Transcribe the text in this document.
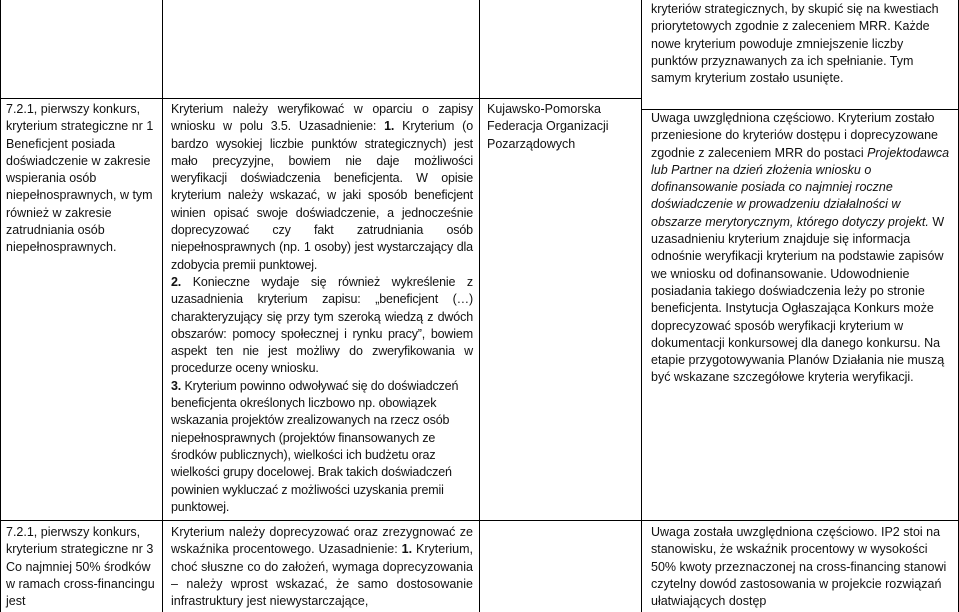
7.2.1, pierwszy konkurs, kryterium strategiczne nr 1 Beneficjent posiada doświadczenie w zakresie wspierania osób niepełnosprawnych, w tym również w zakresie zatrudniania osób niepełnosprawnych.

Kryterium należy weryfikować w oparciu o zapisy wniosku w polu 3.5. Uzasadnienie: 1. Kryterium (o bardzo wysokiej liczbie punktów strategicznych) jest mało precyzyjne, bowiem nie daje możliwości weryfikacji doświadczenia beneficjenta. W opisie kryterium należy wskazać, w jaki sposób beneficjent winien opisać swoje doświadczenie, a jednocześnie doprecyzować czy fakt zatrudniania osób niepełnosprawnych (np. 1 osoby) jest wystarczający dla zdobycia premii punktowej.

2. Konieczne wydaje się również wykreślenie z uzasadnienia kryterium zapisu: „beneficjent (…) charakteryzujący się przy tym szeroką wiedzą z dwóch obszarów: pomocy społecznej i rynku pracy”, bowiem aspekt ten nie jest możliwy do zweryfikowania w procedurze oceny wniosku.

3. Kryterium powinno odwoływać się do doświadczeń beneficjenta określonych liczbowo np. obowiązek wskazania projektów zrealizowanych na rzecz osób niepełnosprawnych (projektów finansowanych ze środków publicznych), wielkości ich budżetu oraz wielkości grupy docelowej. Brak takich doświadczeń powinien wykluczać z możliwości uzyskania premii punktowej.

Kujawsko-Pomorska Federacja Organizacji Pozarządowych

kryteriów strategicznych, by skupić się na kwestiach priorytetowych zgodnie z zaleceniem MRR. Każde nowe kryterium powoduje zmniejszenie liczby punktów przyznawanych za ich spełnianie. Tym samym kryterium zostało usunięte.

Uwaga uwzględniona częściowo. Kryterium zostało przeniesione do kryteriów dostępu i doprecyzowane zgodnie z zaleceniem MRR do postaci Projektodawca lub Partner na dzień złożenia wniosku o dofinansowanie posiada co najmniej roczne doświadczenie w prowadzeniu działalności w obszarze merytorycznym, którego dotyczy projekt. W uzasadnieniu kryterium znajduje się informacja odnośnie weryfikacji kryterium na podstawie zapisów we wniosku od dofinansowanie. Udowodnienie posiadania takiego doświadczenia leży po stronie beneficjenta. Instytucja Ogłaszająca Konkurs może doprecyzować sposób weryfikacji kryterium w dokumentacji konkursowej dla danego konkursu. Na etapie przygotowywania Planów Działania nie muszą być wskazane szczegółowe kryteria weryfikacji.

7.2.1, pierwszy konkurs, kryterium strategiczne nr 3 Co najmniej 50% środków w ramach cross-financingu jest

Kryterium należy doprecyzować oraz zrezygnować ze wskaźnika procentowego. Uzasadnienie: 1. Kryterium, choć słuszne co do założeń, wymaga doprecyzowania – należy wprost wskazać, że samo dostosowanie infrastruktury jest niewystarczające,

Uwaga została uwzględniona częściowo. IP2 stoi na stanowisku, że wskaźnik procentowy w wysokości 50% kwoty przeznaczonej na cross-financing stanowi czytelny dowód zastosowania w projekcie rozwiązań ułatwiających dostęp
